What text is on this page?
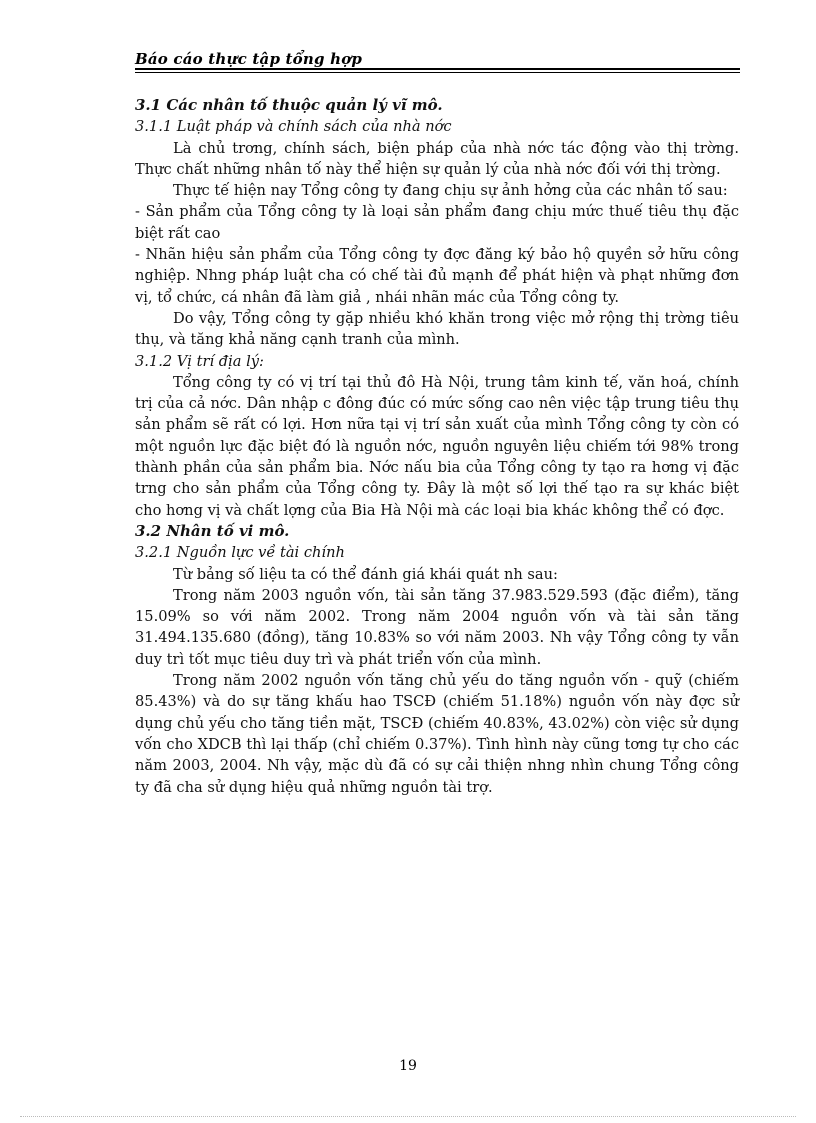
Báo cáo thực tập tổng hợp
3.1 Các nhân tố thuộc quản lý vĩ mô.
3.1.1 Luật pháp và chính sách của nhà nớc

Là chủ trơng, chính sách, biện pháp của nhà nớc tác động vào thị trờng. Thực chất những nhân tố này thể hiện sự quản lý của nhà nớc đối với thị trờng.

Thực tế hiện nay Tổng công ty đang chịu sự ảnh hởng của các nhân tố sau:

- Sản phẩm của Tổng công ty là loại sản phẩm đang chịu mức thuế tiêu thụ đặc biệt rất cao

- Nhãn hiệu sản phẩm của Tổng công ty đợc đăng ký bảo hộ quyền sở hữu công nghiệp. Nhng pháp luật cha có chế tài đủ mạnh để phát hiện và phạt những đơn vị, tổ chức, cá nhân đã làm giả , nhái nhãn mác của Tổng công ty.

Do vậy, Tổng công ty gặp nhiều khó khăn trong việc mở rộng thị trờng tiêu thụ, và tăng khả năng cạnh tranh của mình.

3.1.2 Vị trí địa lý:

Tổng công ty có vị trí tại thủ đô Hà Nội, trung tâm kinh tế, văn hoá, chính trị của cả nớc. Dân nhập c đông đúc có mức sống cao nên việc tập trung tiêu thụ sản phẩm sẽ rất có lợi. Hơn nữa tại vị trí sản xuất của mình Tổng công ty còn có một nguồn lực đặc biệt đó là nguồn nớc, nguồn nguyên liệu chiếm tới 98% trong thành phần của sản phẩm bia. Nớc nấu bia của Tổng công ty tạo ra hơng vị đặc trng cho sản phẩm của Tổng công ty. Đây là một số lợi thế tạo ra sự khác biệt cho hơng vị và chất lợng của Bia Hà Nội mà các loại bia khác không thể có đợc.

3.2 Nhân tố vi mô.
3.2.1 Nguồn lực về tài chính

Từ bảng số liệu ta có thể đánh giá khái quát nh sau:

Trong năm 2003 nguồn vốn, tài sản tăng 37.983.529.593 (đặc điểm), tăng 15.09% so với năm 2002. Trong năm 2004 nguồn vốn và tài sản tăng 31.494.135.680 (đồng), tăng 10.83% so với năm 2003. Nh vậy Tổng công ty vẫn duy trì tốt mục tiêu duy trì và phát triển vốn của mình.

Trong năm 2002 nguồn vốn tăng chủ yếu do tăng nguồn vốn - quỹ (chiếm 85.43%) và do sự tăng khấu hao TSCĐ (chiếm 51.18%) nguồn vốn này đợc sử dụng chủ yếu cho tăng tiền mặt, TSCĐ (chiếm 40.83%, 43.02%) còn việc sử dụng vốn cho XDCB thì lại thấp (chỉ chiếm 0.37%). Tình hình này cũng tơng tự cho các năm 2003, 2004. Nh vậy, mặc dù đã có sự cải thiện nhng nhìn chung Tổng công ty đã cha sử dụng hiệu quả những nguồn tài trợ.

19
